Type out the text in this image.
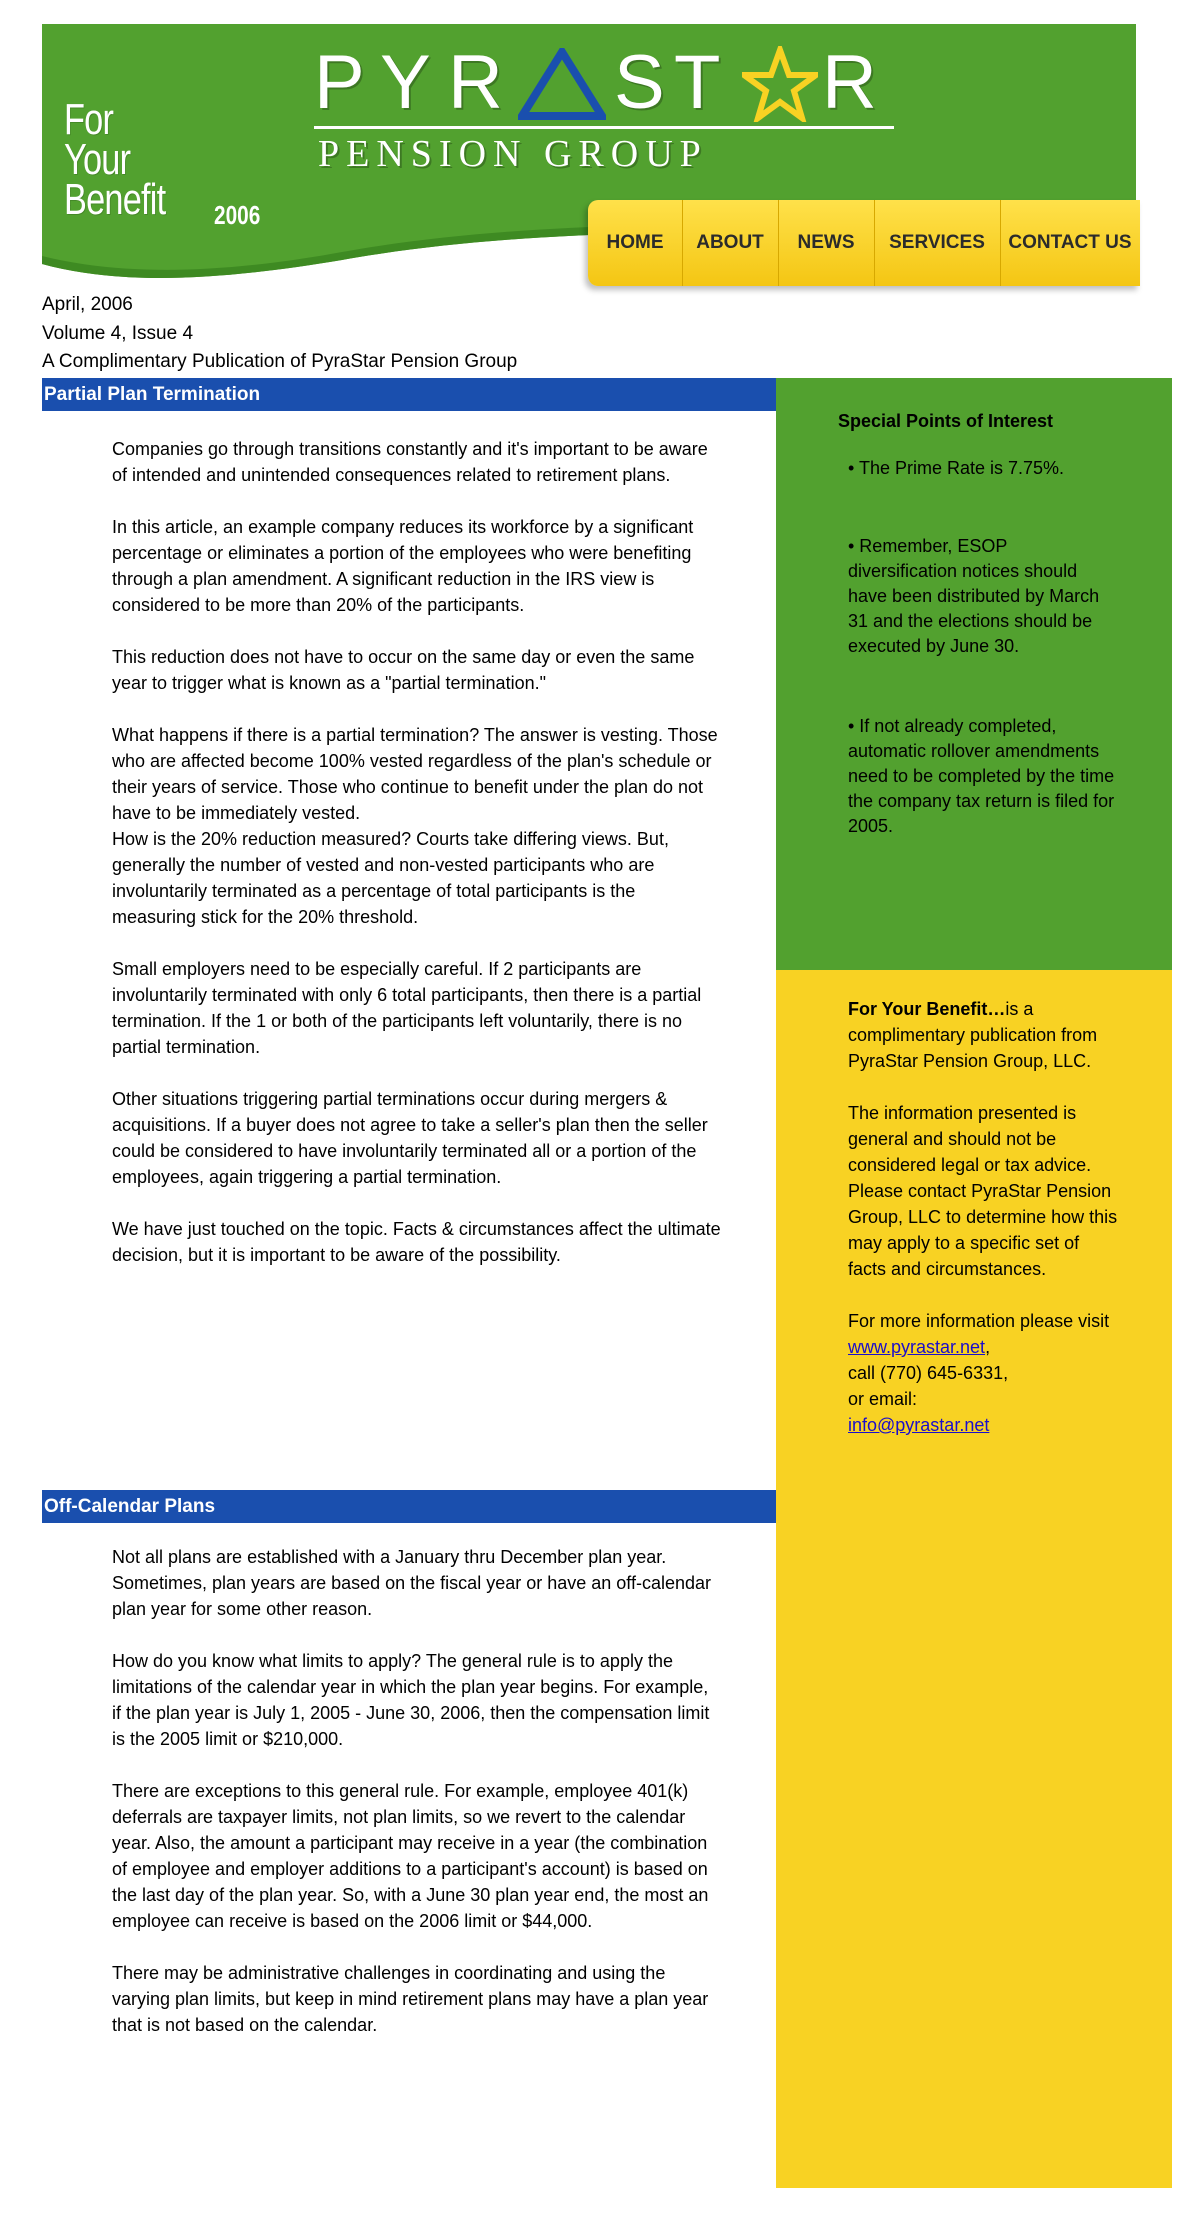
For
Your
Benefit 2006
P Y R S T R
PENSION GROUP
HOME	ABOUT	NEWS	SERVICES	CONTACT US
April, 2006
Volume 4, Issue 4
A Complimentary Publication of PyraStar Pension Group
Partial Plan Termination

Companies go through transitions constantly and it's important to be aware of intended and unintended consequences related to retirement plans.

In this article, an example company reduces its workforce by a significant percentage or eliminates a portion of the employees who were benefiting through a plan amendment. A significant reduction in the IRS view is considered to be more than 20% of the participants.

This reduction does not have to occur on the same day or even the same year to trigger what is known as a "partial termination."

What happens if there is a partial termination? The answer is vesting. Those who are affected become 100% vested regardless of the plan's schedule or their years of service. Those who continue to benefit under the plan do not have to be immediately vested.

How is the 20% reduction measured? Courts take differing views. But, generally the number of vested and non-vested participants who are involuntarily terminated as a percentage of total participants is the measuring stick for the 20% threshold.

Small employers need to be especially careful. If 2 participants are involuntarily terminated with only 6 total participants, then there is a partial termination. If the 1 or both of the participants left voluntarily, there is no partial termination.

Other situations triggering partial terminations occur during mergers & acquisitions. If a buyer does not agree to take a seller's plan then the seller could be considered to have involuntarily terminated all or a portion of the employees, again triggering a partial termination.

We have just touched on the topic. Facts & circumstances affect the ultimate decision, but it is important to be aware of the possibility.

Off-Calendar Plans

Not all plans are established with a January thru December plan year. Sometimes, plan years are based on the fiscal year or have an off-calendar plan year for some other reason.

How do you know what limits to apply? The general rule is to apply the limitations of the calendar year in which the plan year begins. For example, if the plan year is July 1, 2005 - June 30, 2006, then the compensation limit is the 2005 limit or $210,000.

There are exceptions to this general rule. For example, employee 401(k) deferrals are taxpayer limits, not plan limits, so we revert to the calendar year. Also, the amount a participant may receive in a year (the combination of employee and employer additions to a participant's account) is based on the last day of the plan year. So, with a June 30 plan year end, the most an employee can receive is based on the 2006 limit or $44,000.

There may be administrative challenges in coordinating and using the varying plan limits, but keep in mind retirement plans may have a plan year that is not based on the calendar.

Special Points of Interest
• The Prime Rate is 7.75%.
• Remember, ESOP diversification notices should have been distributed by March 31 and the elections should be executed by June 30.
• If not already completed, automatic rollover amendments need to be completed by the time the company tax return is filed for 2005.

For Your Benefit…is a complimentary publication from PyraStar Pension Group, LLC.

The information presented is general and should not be considered legal or tax advice. Please contact PyraStar Pension Group, LLC to determine how this may apply to a specific set of facts and circumstances.

For more information please visit
www.pyrastar.net,
call (770) 645-6331,
or email:
info@pyrastar.net
